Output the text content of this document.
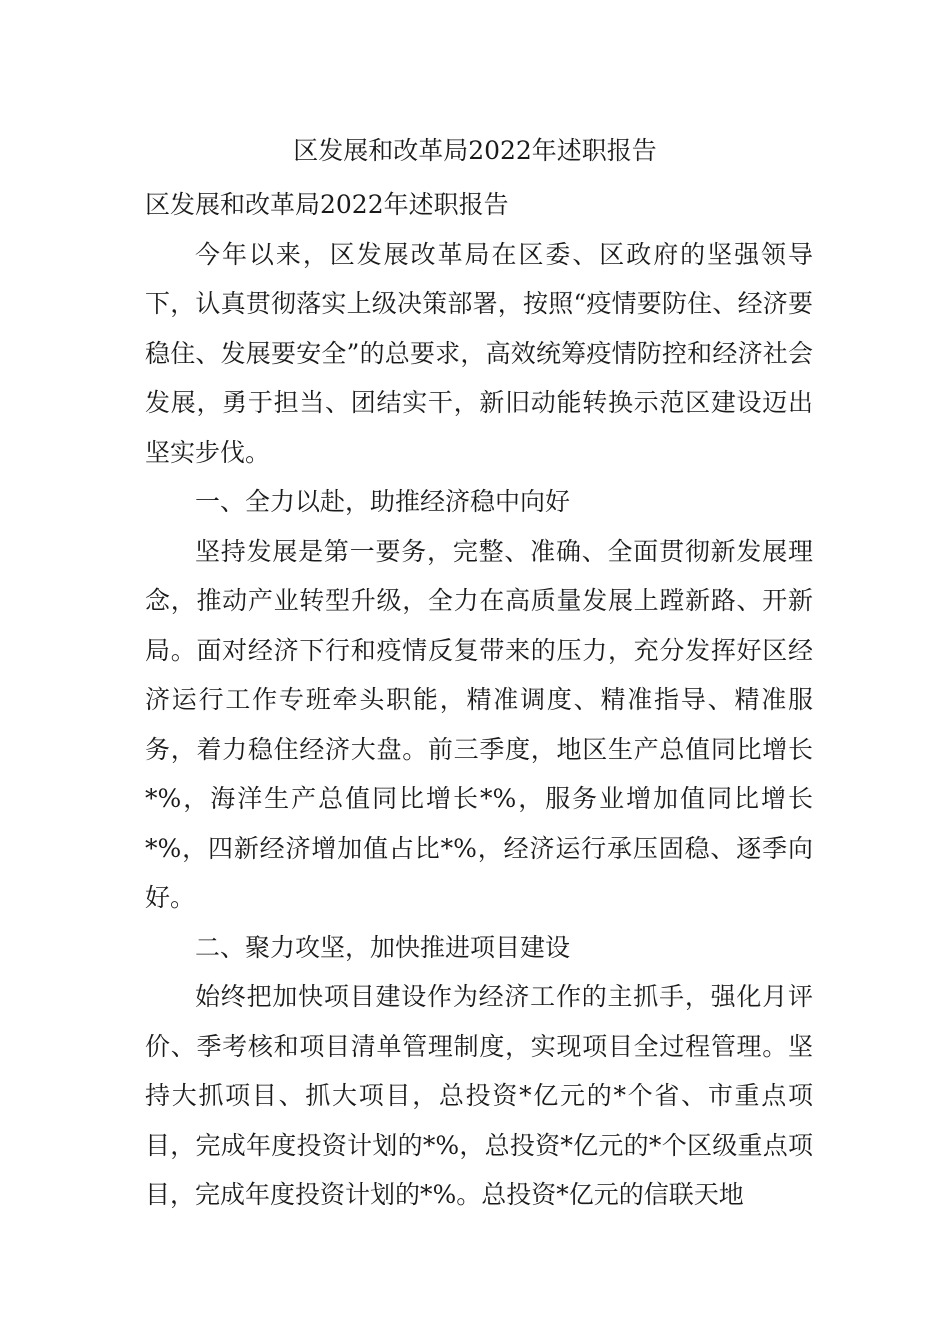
区发展和改革局2022年述职报告

区发展和改革局2022年述职报告

今年以来，区发展改革局在区委、区政府的坚强领导下，认真贯彻落实上级决策部署，按照“疫情要防住、经济要稳住、发展要安全”的总要求，高效统筹疫情防控和经济社会发展，勇于担当、团结实干，新旧动能转换示范区建设迈出坚实步伐。

一、全力以赴，助推经济稳中向好

坚持发展是第一要务，完整、准确、全面贯彻新发展理念，推动产业转型升级，全力在高质量发展上蹚新路、开新局。面对经济下行和疫情反复带来的压力，充分发挥好区经济运行工作专班牵头职能，精准调度、精准指导、精准服务，着力稳住经济大盘。前三季度，地区生产总值同比增长*%，海洋生产总值同比增长*%，服务业增加值同比增长*%，四新经济增加值占比*%，经济运行承压固稳、逐季向好。

二、聚力攻坚，加快推进项目建设

始终把加快项目建设作为经济工作的主抓手，强化月评价、季考核和项目清单管理制度，实现项目全过程管理。坚持大抓项目、抓大项目，总投资*亿元的*个省、市重点项目，完成年度投资计划的*%，总投资*亿元的*个区级重点项目，完成年度投资计划的*%。总投资*亿元的信联天地
